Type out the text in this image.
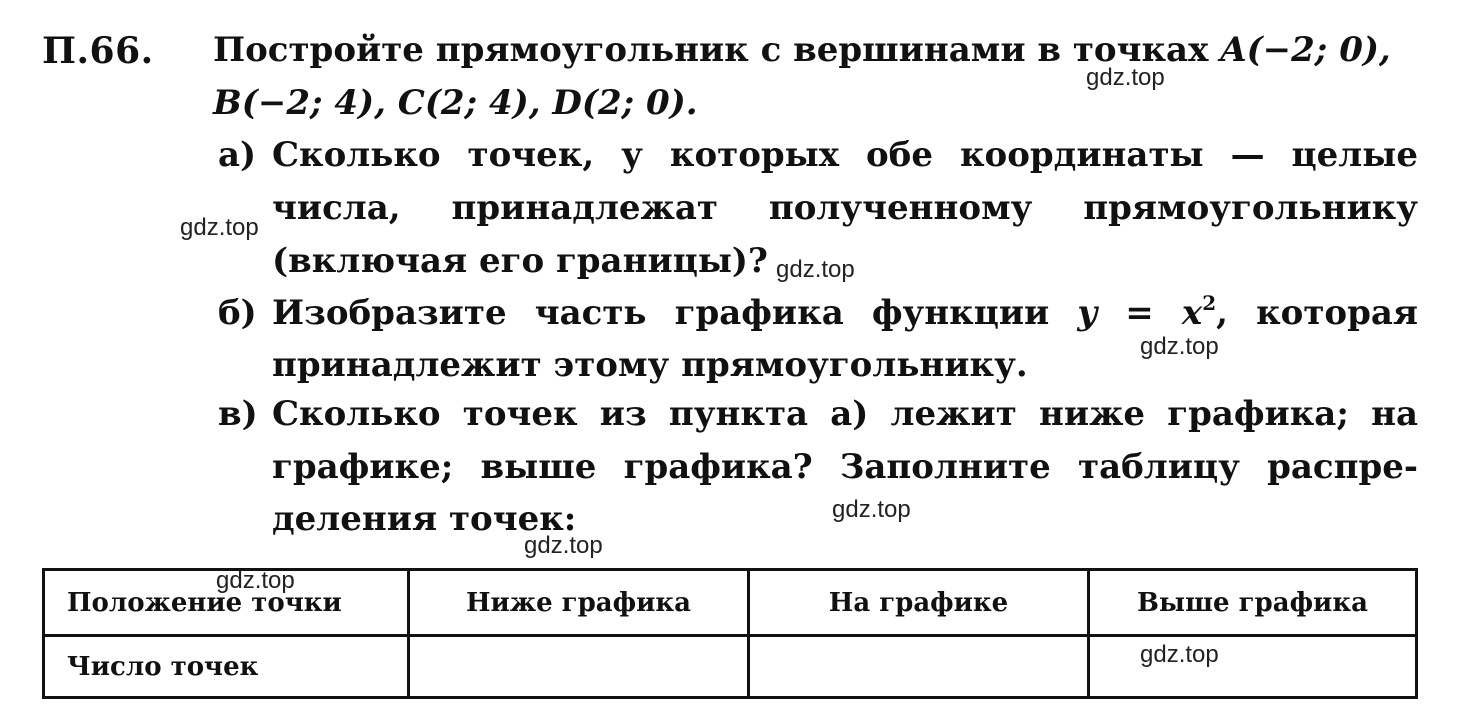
П.66. Постройте прямоугольник с вершинами в точках A(−2; 0),
B(−2; 4), C(2; 4), D(2; 0).
а) Сколько точек, у которых обе координаты — целые
числа, принадлежат полученному прямоугольнику
(включая его границы)?
б) Изобразите часть графика функции $y = x^2$, которая
принадлежит этому прямоугольнику.
в) Сколько точек из пункта а) лежит ниже графика; на
графике; выше графика? Заполните таблицу распре-
деления точек:
Положение точки	Ниже графика	На графике	Выше графика
Число точек			
gdz.top
gdz.top
gdz.top
gdz.top
gdz.top
gdz.top
gdz.top
gdz.top
